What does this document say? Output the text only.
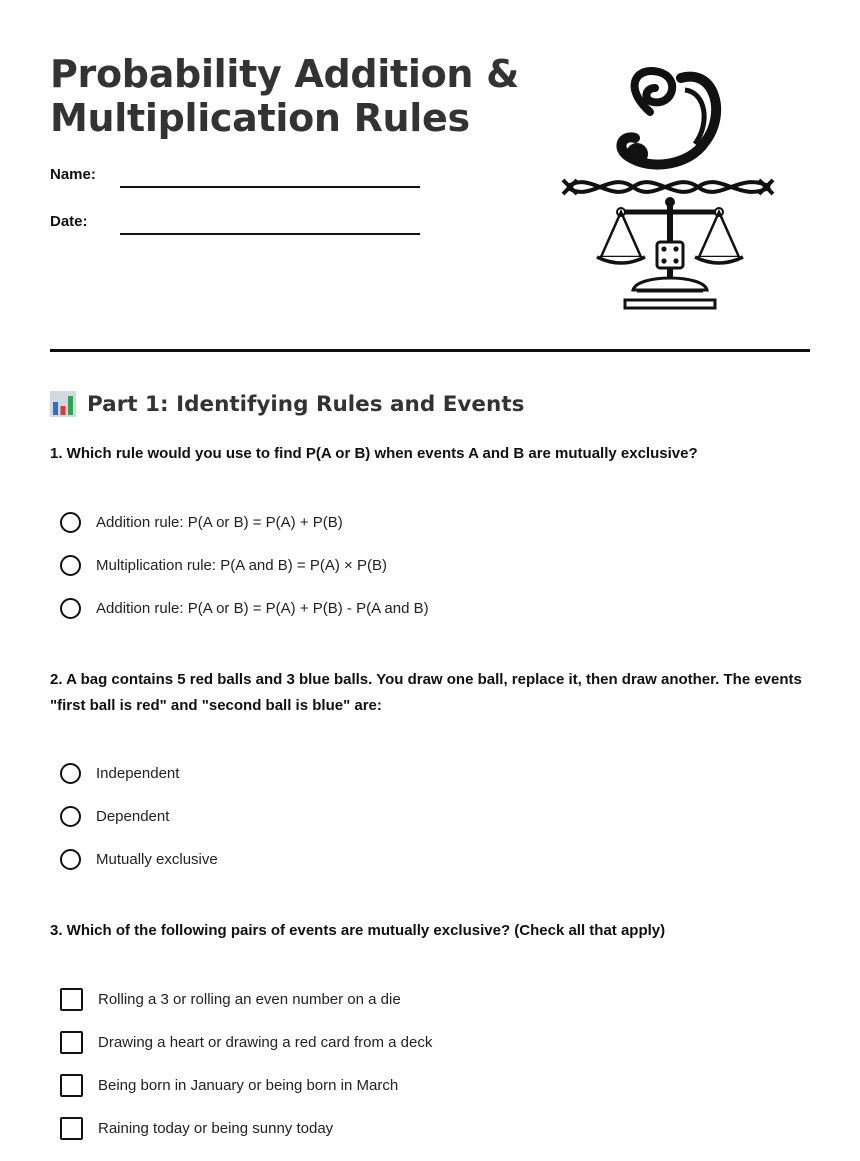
Probability Addition &
Multiplication Rules
Name:
Date:
Part 1: Identifying Rules and Events

1. Which rule would you use to find P(A or B) when events A and B are mutually exclusive?

Addition rule: P(A or B) = P(A) + P(B)
Multiplication rule: P(A and B) = P(A) × P(B)
Addition rule: P(A or B) = P(A) + P(B) - P(A and B)

2. A bag contains 5 red balls and 3 blue balls. You draw one ball, replace it, then draw another. The events "first ball is red" and "second ball is blue" are:

Independent
Dependent
Mutually exclusive

3. Which of the following pairs of events are mutually exclusive? (Check all that apply)

Rolling a 3 or rolling an even number on a die
Drawing a heart or drawing a red card from a deck
Being born in January or being born in March
Raining today or being sunny today
